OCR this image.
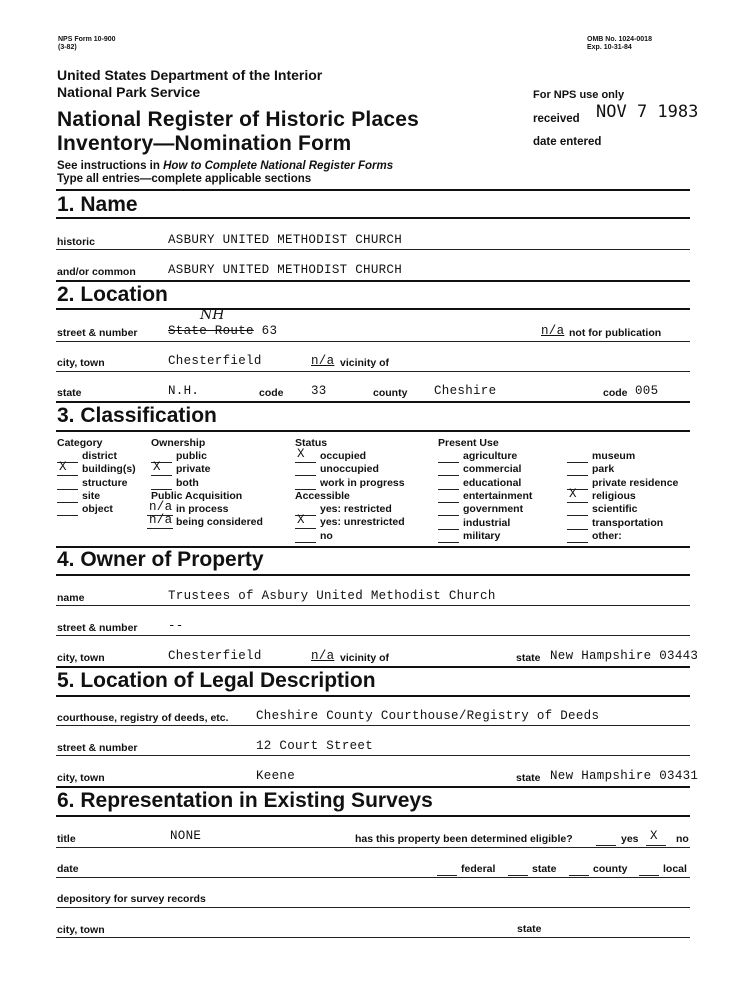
NPS Form 10-900
(3-82)
OMB No. 1024-0018
Exp. 10-31-84
United States Department of the Interior
National Park Service
National Register of Historic Places
Inventory—Nomination Form
See instructions in How to Complete National Register Forms
Type all entries—complete applicable sections
For NPS use only
received NOV 7 1983
date entered
1. Name
historic	ASBURY UNITED METHODIST CHURCH
and/or common	ASBURY UNITED METHODIST CHURCH
2. Location
street & number
NH
State Route 63	n/a not for publication
city, town	Chesterfield	n/a vicinity of
state	N.H.	code 33	county Cheshire	code 005
3. Classification
Category
district
X building(s)
structure
site
object
Ownership
public
X private
both
Public Acquisition
n/a in process
n/a being considered
Status
X occupied
unoccupied
work in progress
Accessible
yes: restricted
X yes: unrestricted
no
Present Use
agriculture
commercial
educational
entertainment
government
industrial
military
museum
park
private residence
X religious
scientific
transportation
other:
4. Owner of Property
name	Trustees of Asbury United Methodist Church
street & number --
city, town	Chesterfield	n/a vicinity of	state New Hampshire 03443
5. Location of Legal Description
courthouse, registry of deeds, etc. Cheshire County Courthouse/Registry of Deeds
street & number	12 Court Street
city, town	Keene	state New Hampshire 03431
6. Representation in Existing Surveys
title	NONE	has this property been determined eligible?	yes X no
date	federal	state	county	local
depository for survey records
city, town	state
